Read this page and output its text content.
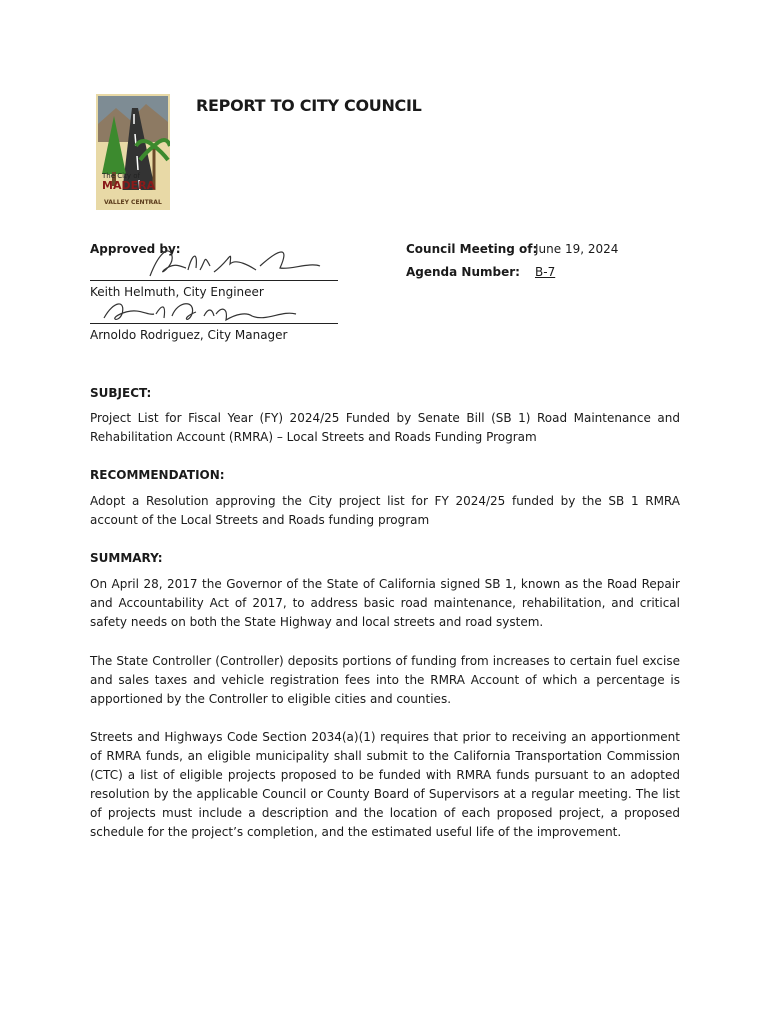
The City of
MADERA
VALLEY CENTRAL
REPORT TO CITY COUNCIL
Approved by:
Keith Helmuth, City Engineer
Arnoldo Rodriguez, City Manager
Council Meeting of:
June 19, 2024
Agenda Number: B-7
SUBJECT:

Project List for Fiscal Year (FY) 2024/25 Funded by Senate Bill (SB 1) Road Maintenance and Rehabilitation Account (RMRA) – Local Streets and Roads Funding Program

RECOMMENDATION:

Adopt a Resolution approving the City project list for FY 2024/25 funded by the SB 1 RMRA account of the Local Streets and Roads funding program

SUMMARY:

On April 28, 2017 the Governor of the State of California signed SB 1, known as the Road Repair and Accountability Act of 2017, to address basic road maintenance, rehabilitation, and critical safety needs on both the State Highway and local streets and road system.

The State Controller (Controller) deposits portions of funding from increases to certain fuel excise and sales taxes and vehicle registration fees into the RMRA Account of which a percentage is apportioned by the Controller to eligible cities and counties.

Streets and Highways Code Section 2034(a)(1) requires that prior to receiving an apportionment of RMRA funds, an eligible municipality shall submit to the California Transportation Commission (CTC) a list of eligible projects proposed to be funded with RMRA funds pursuant to an adopted resolution by the applicable Council or County Board of Supervisors at a regular meeting. The list of projects must include a description and the location of each proposed project, a proposed schedule for the project’s completion, and the estimated useful life of the improvement.
